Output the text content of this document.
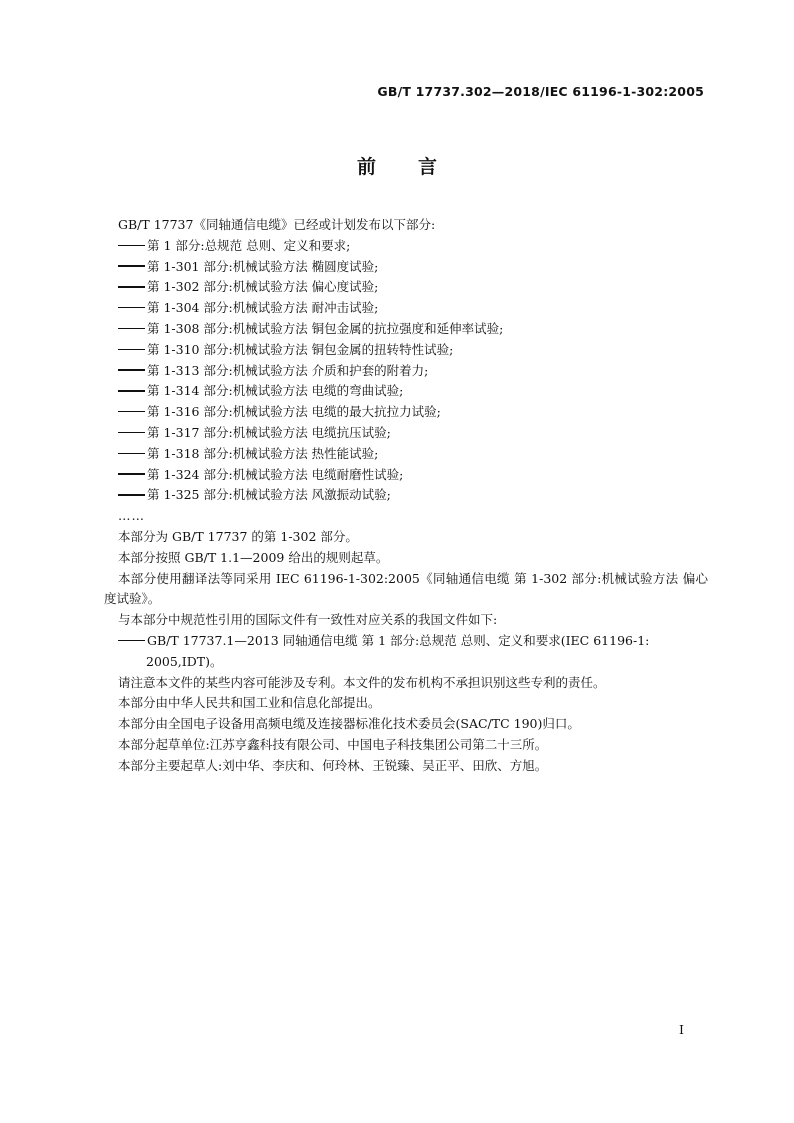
GB/T 17737.302—2018/IEC 61196-1-302:2005
前言

GB/T 17737《同轴通信电缆》已经或计划发布以下部分:

第 1 部分:总规范 总则、定义和要求;

第 1-301 部分:机械试验方法 椭圆度试验;

第 1-302 部分:机械试验方法 偏心度试验;

第 1-304 部分:机械试验方法 耐冲击试验;

第 1-308 部分:机械试验方法 铜包金属的抗拉强度和延伸率试验;

第 1-310 部分:机械试验方法 铜包金属的扭转特性试验;

第 1-313 部分:机械试验方法 介质和护套的附着力;

第 1-314 部分:机械试验方法 电缆的弯曲试验;

第 1-316 部分:机械试验方法 电缆的最大抗拉力试验;

第 1-317 部分:机械试验方法 电缆抗压试验;

第 1-318 部分:机械试验方法 热性能试验;

第 1-324 部分:机械试验方法 电缆耐磨性试验;

第 1-325 部分:机械试验方法 风激振动试验;

……

本部分为 GB/T 17737 的第 1-302 部分。

本部分按照 GB/T 1.1—2009 给出的规则起草。

本部分使用翻译法等同采用 IEC 61196-1-302:2005《同轴通信电缆 第 1-302 部分:机械试验方法 偏心度试验》。

与本部分中规范性引用的国际文件有一致性对应关系的我国文件如下:

GB/T 17737.1—2013 同轴通信电缆 第 1 部分:总规范 总则、定义和要求(IEC 61196-1:
2005,IDT)。

请注意本文件的某些内容可能涉及专利。本文件的发布机构不承担识别这些专利的责任。

本部分由中华人民共和国工业和信息化部提出。

本部分由全国电子设备用高频电缆及连接器标准化技术委员会(SAC/TC 190)归口。

本部分起草单位:江苏亨鑫科技有限公司、中国电子科技集团公司第二十三所。

本部分主要起草人:刘中华、李庆和、何玲林、王锐臻、吴正平、田欣、方旭。

I
